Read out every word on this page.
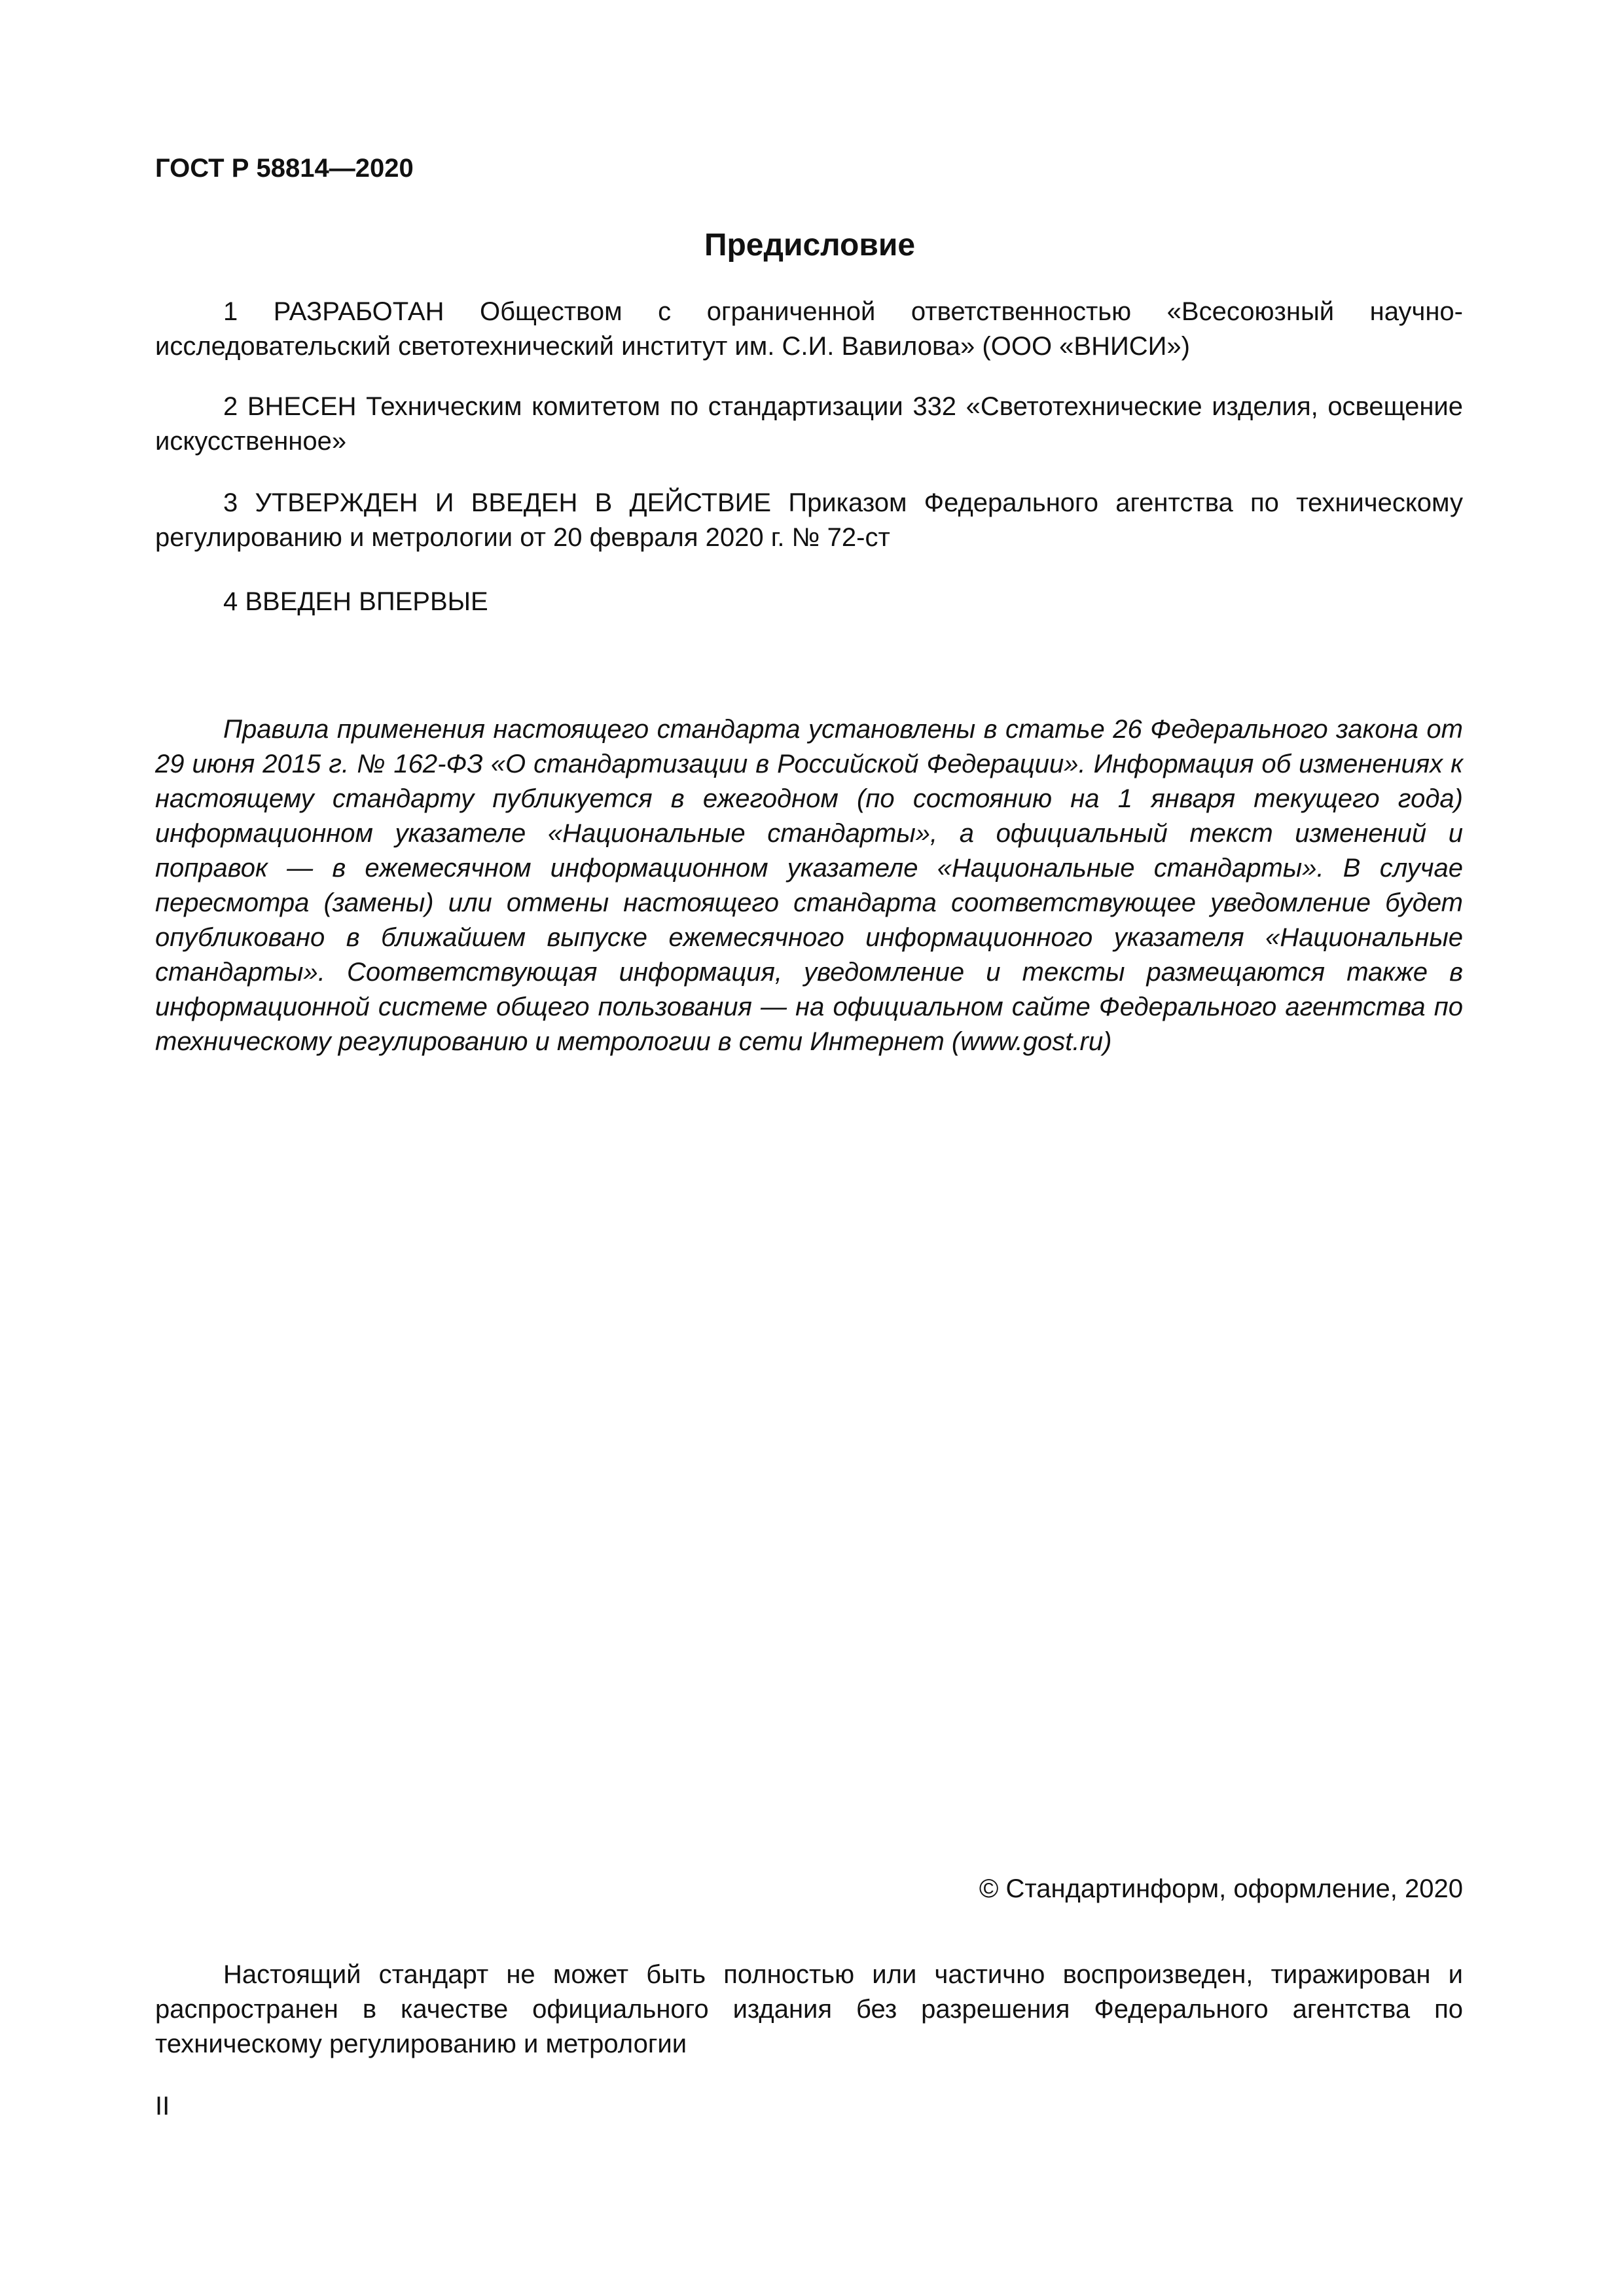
ГОСТ Р 58814—2020

Предисловие

1 РАЗРАБОТАН Обществом с ограниченной ответственностью «Всесоюзный научно-исследовательский светотехнический институт им. С.И. Вавилова» (ООО «ВНИСИ»)

2 ВНЕСЕН Техническим комитетом по стандартизации 332 «Светотехнические изделия, освещение искусственное»

3 УТВЕРЖДЕН И ВВЕДЕН В ДЕЙСТВИЕ Приказом Федерального агентства по техническому регулированию и метрологии от 20 февраля 2020 г. № 72-ст

4 ВВЕДЕН ВПЕРВЫЕ

Правила применения настоящего стандарта установлены в статье 26 Федерального закона от 29 июня 2015 г. № 162-ФЗ «О стандартизации в Российской Федерации». Информация об изменениях к настоящему стандарту публикуется в ежегодном (по состоянию на 1 января текущего года) информационном указателе «Национальные стандарты», а официальный текст изменений и поправок — в ежемесячном информационном указателе «Национальные стандарты». В случае пересмотра (замены) или отмены настоящего стандарта соответствующее уведомление будет опубликовано в ближайшем выпуске ежемесячного информационного указателя «Национальные стандарты». Соответствующая информация, уведомление и тексты размещаются также в информационной системе общего пользования — на официальном сайте Федерального агентства по техническому регулированию и метрологии в сети Интернет (www.gost.ru)

© Стандартинформ, оформление, 2020

Настоящий стандарт не может быть полностью или частично воспроизведен, тиражирован и распространен в качестве официального издания без разрешения Федерального агентства по техническому регулированию и метрологии

II
